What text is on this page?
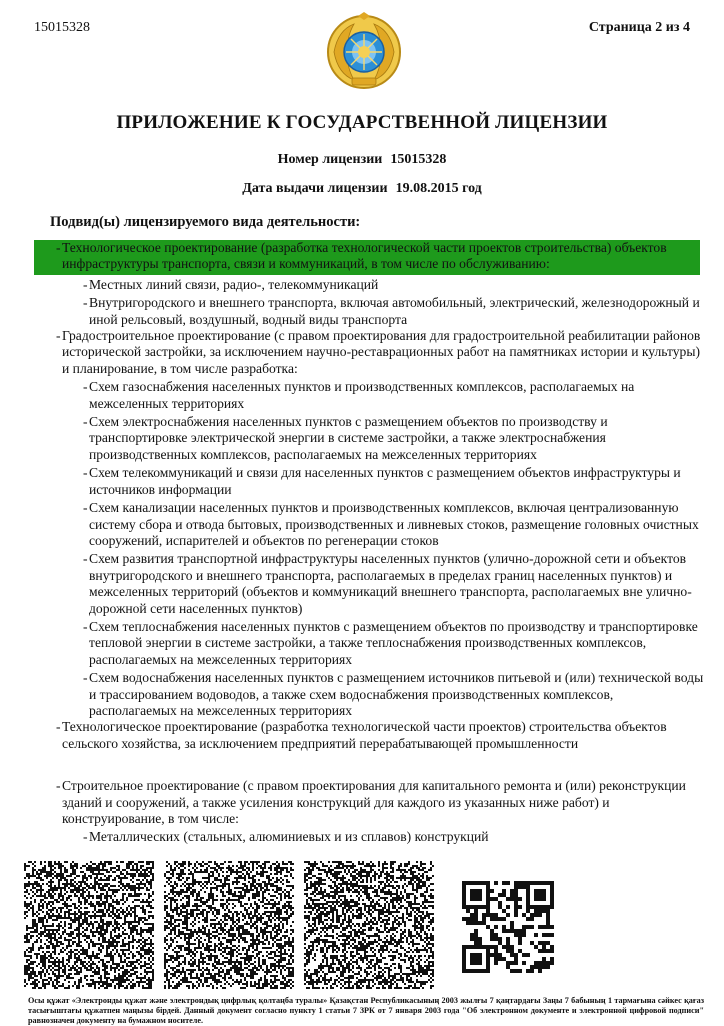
15015328	Страница 2 из 4
ПРИЛОЖЕНИЕ К ГОСУДАРСТВЕННОЙ ЛИЦЕНЗИИ
Номер лицензии 15015328
Дата выдачи лицензии 19.08.2015 год
Подвид(ы) лицензируемого вида деятельности:
- Технологическое проектирование (разработка технологической части проектов строительства) объектов инфраструктуры транспорта, связи и коммуникаций, в том числе по обслуживанию:
- Местных линий связи, радио-, телекоммуникаций
- Внутригородского и внешнего транспорта, включая автомобильный, электрический, железнодорожный и иной рельсовый, воздушный, водный виды транспорта
- Градостроительное проектирование (с правом проектирования для градостроительной реабилитации районов исторической застройки, за исключением научно-реставрационных работ на памятниках истории и культуры) и планирование, в том числе разработка:
- Схем газоснабжения населенных пунктов и производственных комплексов, располагаемых на межселенных территориях
- Схем электроснабжения населенных пунктов с размещением объектов по производству и транспортировке электрической энергии в системе застройки, а также электроснабжения производственных комплексов, располагаемых на межселенных территориях
- Схем телекоммуникаций и связи для населенных пунктов с размещением объектов инфраструктуры и источников информации
- Схем канализации населенных пунктов и производственных комплексов, включая централизованную систему сбора и отвода бытовых, производственных и ливневых стоков, размещение головных очистных сооружений, испарителей и объектов по регенерации стоков
- Схем развития транспортной инфраструктуры населенных пунктов (улично-дорожной сети и объектов внутригородского и внешнего транспорта, располагаемых в пределах границ населенных пунктов) и межселенных территорий (объектов и коммуникаций внешнего транспорта, располагаемых вне улично-дорожной сети населенных пунктов)
- Схем теплоснабжения населенных пунктов с размещением объектов по производству и транспортировке тепловой энергии в системе застройки, а также теплоснабжения производственных комплексов, располагаемых на межселенных территориях
- Схем водоснабжения населенных пунктов с размещением источников питьевой и (или) технической воды и трассированием водоводов, а также схем водоснабжения производственных комплексов, располагаемых на межселенных территориях
- Технологическое проектирование (разработка технологической части проектов) строительства объектов сельского хозяйства, за исключением предприятий перерабатывающей промышленности
- Строительное проектирование (с правом проектирования для капитального ремонта и (или) реконструкции зданий и сооружений, а также усиления конструкций для каждого из указанных ниже работ) и конструирование, в том числе:
- Металлических (стальных, алюминиевых и из сплавов) конструкций
Осы құжат «Электронды құжат және электрондық цифрлық қолтаңба туралы» Қазақстан Республикасының 2003 жылғы 7 қаңтардағы Заңы 7 бабының 1 тармағына сәйкес қағаз тасығыштағы құжатпен маңызы бірдей. Данный документ согласно пункту 1 статьи 7 ЗРК от 7 января 2003 года "Об электронном документе и электронной цифровой подписи" равнозначен документу на бумажном носителе.
